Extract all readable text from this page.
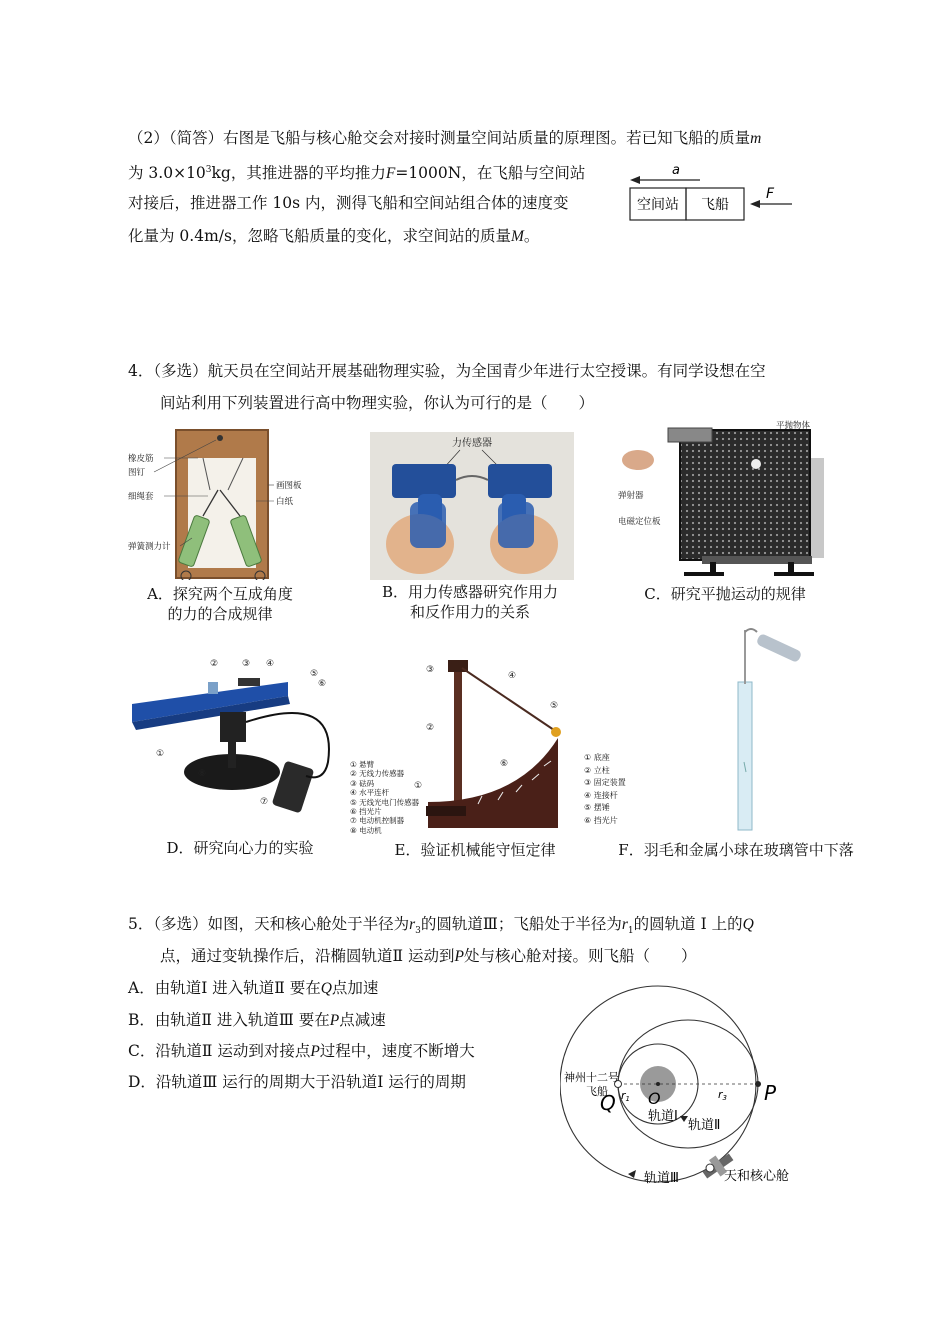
（2）（简答）右图是飞船与核心舱交会对接时测量空间站质量的原理图。若已知飞船的质量m
为 $3.0\times 10^3kg$，其推进器的平均推力F=1000N，在飞船与空间站
对接后，推进器工作 10s 内，测得飞船和空间站组合体的速度变
化量为 0.4m/s，忽略飞船质量的变化，求空间站的质量M。
a
空间站 飞船
F
4．（多选）航天员在空间站开展基础物理实验，为全国青少年进行太空授课。有同学设想在空
间站利用下列装置进行高中物理实验，你认为可行的是（　　）
橡皮筋
图钉
细绳套
弹簧测力计
画图板
白纸
A．探究两个互成角度
的力的合成规律
力传感器
B．用力传感器研究作用力
和反作用力的关系
平抛物体
弹射器
电磁定位板
接球槽
C．研究平抛运动的规律
②	③ ④
⑤
⑥
①
⑧
⑦
① 悬臂
② 无线力传感器
③ 砝码
④ 水平连杆
⑤ 无线光电门传感器
⑥ 挡光片
⑦ 电动机控制器
⑧ 电动机
D．研究向心力的实验
③
④
②
⑤
⑥
①
① 底座
② 立柱
③ 固定装置
④ 连接杆
⑤ 摆锤
⑥ 挡光片
E．验证机械能守恒定律	F．羽毛和金属小球在玻璃管中下落
5．（多选）如图，天和核心舱处于半径为$r_3$的圆轨道Ⅲ；飞船处于半径为$r_1$的圆轨道 I 上的Q
点，通过变轨操作后，沿椭圆轨道Ⅱ 运动到P处与核心舱对接。则飞船（　　）
A．由轨道Ⅰ 进入轨道Ⅱ 要在Q点加速
B．由轨道Ⅱ 进入轨道Ⅲ 要在P点减速
C．沿轨道Ⅱ 运动到对接点P过程中，速度不断增大
D．沿轨道Ⅲ 运行的周期大于沿轨道Ⅰ 运行的周期	神州十二号
飞船
Q O	P
r1	r3
轨道Ⅰ
轨道Ⅱ
轨道Ⅲ	天和核心舱
